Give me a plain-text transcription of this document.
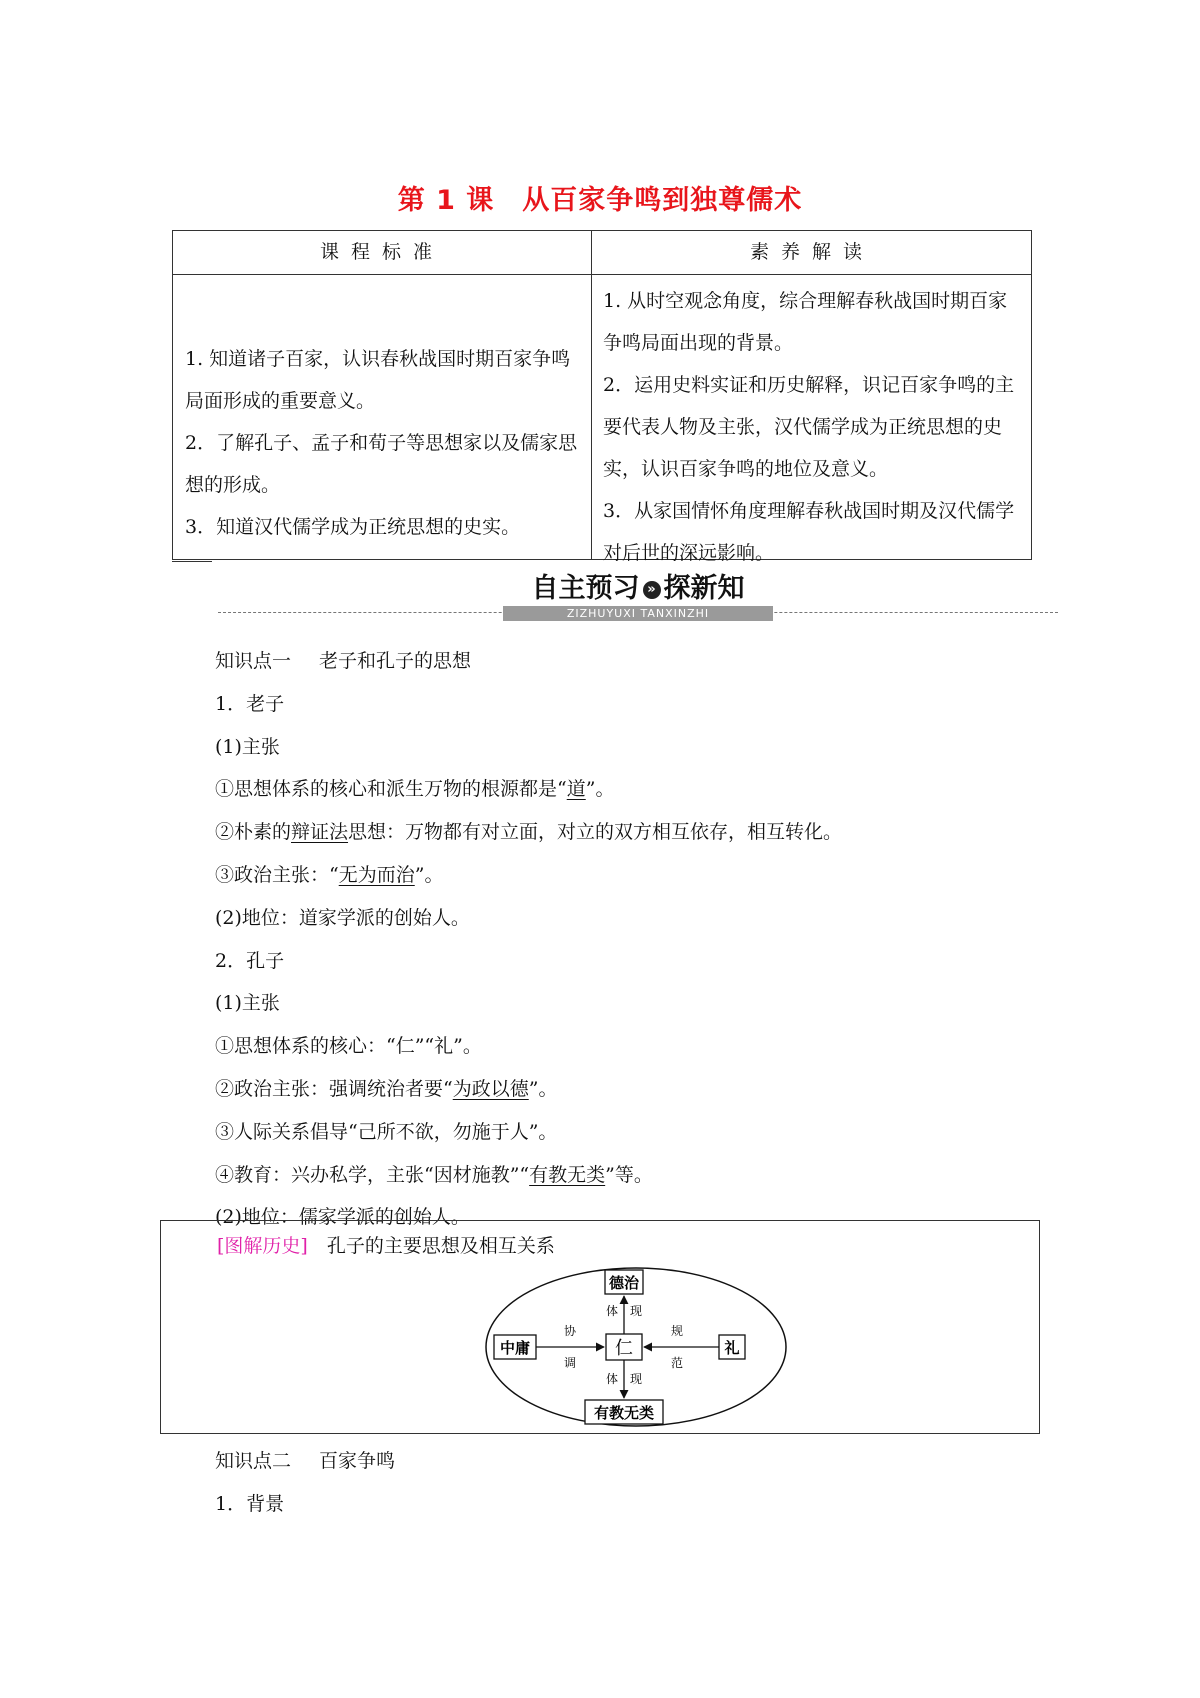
第 1 课　从百家争鸣到独尊儒术
课程标准	素养解读

1. 知道诸子百家，认识春秋战国时期百家争鸣局面形成的重要意义。

2．了解孔子、孟子和荀子等思想家以及儒家思想的形成。

3．知道汉代儒学成为正统思想的史实。

1. 从时空观念角度，综合理解春秋战国时期百家争鸣局面出现的背景。

2．运用史料实证和历史解释，识记百家争鸣的主要代表人物及主张，汉代儒学成为正统思想的史实，认识百家争鸣的地位及意义。

3．从家国情怀角度理解春秋战国时期及汉代儒学对后世的深远影响。

ZIZHUYUXI TANXINZHI
自主预习 » 探新知
知识点一 老子和孔子的思想
1．老子
(1)主张
①思想体系的核心和派生万物的根源都是“道”。
②朴素的辩证法思想：万物都有对立面，对立的双方相互依存，相互转化。
③政治主张：“无为而治”。
(2)地位：道家学派的创始人。
2．孔子
(1)主张
①思想体系的核心：“仁”“礼”。
②政治主张：强调统治者要“为政以德”。
③人际关系倡导“己所不欲，勿施于人”。
④教育：兴办私学，主张“因材施教”“有教无类”等。
(2)地位：儒家学派的创始人。
[图解历史]　 孔子的主要思想及相互关系
仁
德治
有教无类
中庸	礼
体 现
体 现
协
调
规
范
知识点二 百家争鸣
1．背景
